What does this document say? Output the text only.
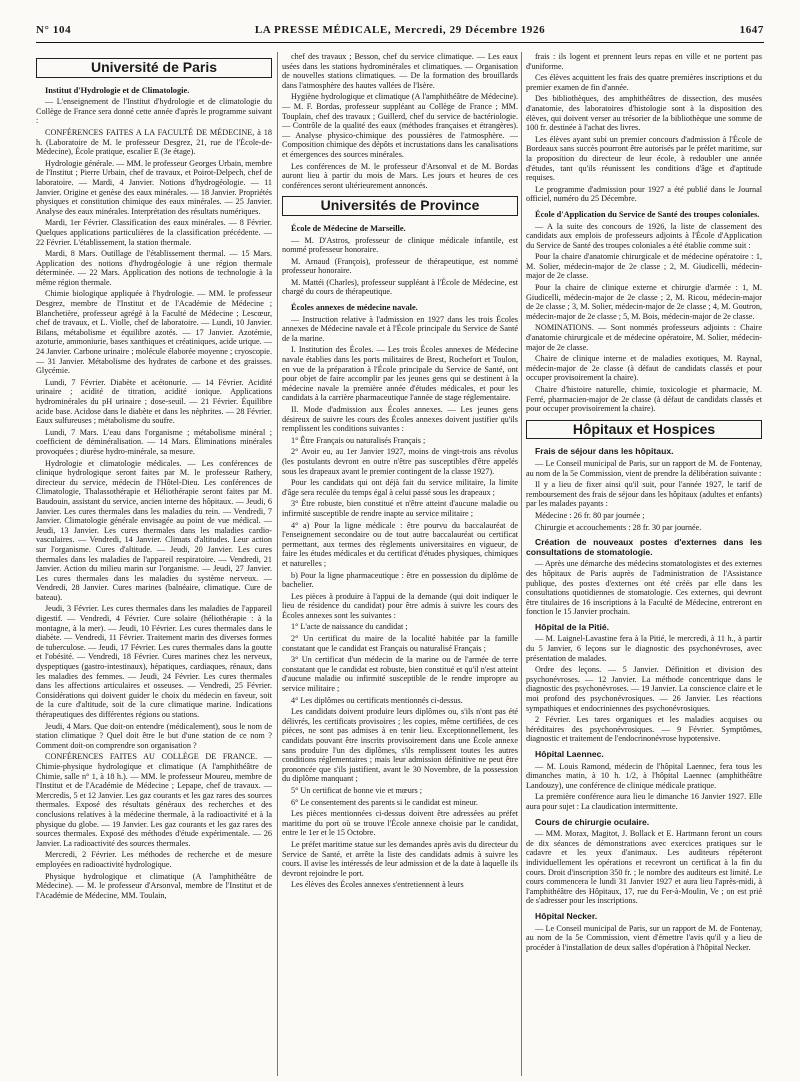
N° 104	LA PRESSE MÉDICALE, Mercredi, 29 Décembre 1926	1647
Université de Paris
Institut d'Hydrologie et de Climatologie.

— L'enseignement de l'Institut d'hydrologie et de climatologie du Collège de France sera donné cette année d'après le programme suivant :

CONFÉRENCES FAITES A LA FACULTÉ DE MÉDECINE, à 18 h. (Laboratoire de M. le professeur Desgrez, 21, rue de l'École-de-Médecine), École pratique, escalier E (3e étage).

Hydrologie générale. — MM. le professeur Georges Urbain, membre de l'Institut ; Pierre Urbain, chef de travaux, et Poirot-Delpech, chef de laboratoire. — Mardi, 4 Janvier. Notions d'hydrogéologie. — 11 Janvier. Origine et genèse des eaux minérales. — 18 Janvier. Propriétés physiques et constitution chimique des eaux minérales. — 25 Janvier. Analyse des eaux minérales. Interprétation des résultats numériques.

Mardi, 1er Février. Classification des eaux minérales. — 8 Février. Quelques applications particulières de la classification précédente. — 22 Février. L'établissement, la station thermale.

Mardi, 8 Mars. Outillage de l'établissement thermal. — 15 Mars. Application des notions d'hydrogéologie à une région thermale déterminée. — 22 Mars. Application des notions de technologie à la même région thermale.

Chimie biologique appliquée à l'hydrologie. — MM. le professeur Desgrez, membre de l'Institut et de l'Académie de Médecine ; Blanchetière, professeur agrégé à la Faculté de Médecine ; Lescœur, chef de travaux, et L. Violle, chef de laboratoire. — Lundi, 10 Janvier. Bilans, métabolisme et équilibre azotés. — 17 Janvier. Azotémie, azoturie, ammoniurie, bases xanthiques et créatiniques, acide urique. — 24 Janvier. Carbone urinaire ; molécule élaborée moyenne ; cryoscopie. — 31 Janvier. Métabolisme des hydrates de carbone et des graisses. Glycémie.

Lundi, 7 Février. Diabète et acétonurie. — 14 Février. Acidité urinaire ; acidité de titration, acidité ionique. Applications hydrominérales du pH urinaire ; dose-seuil. — 21 Février. Équilibre acide base. Acidose dans le diabète et dans les néphrites. — 28 Février. Eaux sulfureuses ; métabolisme du soufre.

Lundi, 7 Mars. L'eau dans l'organisme ; métabolisme minéral ; coefficient de déminéralisation. — 14 Mars. Éliminations minérales provoquées ; diurèse hydro-minérale, sa mesure.

Hydrologie et climatologie médicales. — Les conférences de clinique hydrologique seront faites par M. le professeur Rathery, directeur du service, médecin de l'Hôtel-Dieu. Les conférences de Climatologie, Thalassothérapie et Héliothérapie seront faites par M. Baudouin, assistant du service, ancien interne des hôpitaux. — Jeudi, 6 Janvier. Les cures thermales dans les maladies du rein. — Vendredi, 7 Janvier. Climatologie générale envisagée au point de vue médical. — Jeudi, 13 Janvier. Les cures thermales dans les maladies cardio-vasculaires. — Vendredi, 14 Janvier. Climats d'altitudes. Leur action sur l'organisme. Cures d'altitude. — Jeudi, 20 Janvier. Les cures thermales dans les maladies de l'appareil respiratoire. — Vendredi, 21 Janvier. Action du milieu marin sur l'organisme. — Jeudi, 27 Janvier. Les cures thermales dans les maladies du système nerveux. — Vendredi, 28 Janvier. Cures marines (balnéaire, climatique. Cure de bateau).

Jeudi, 3 Février. Les cures thermales dans les maladies de l'appareil digestif. — Vendredi, 4 Février. Cure solaire (héliothérapie : à la montagne, à la mer). — Jeudi, 10 Février. Les cures thermales dans le diabète. — Vendredi, 11 Février. Traitement marin des diverses formes de tuberculose. — Jeudi, 17 Février. Les cures thermales dans la goutte et l'obésité. — Vendredi, 18 Février. Cures marines chez les nerveux, dyspeptiques (gastro-intestinaux), hépatiques, cardiaques, rénaux, dans les maladies des femmes. — Jeudi, 24 Février. Les cures thermales dans les affections articulaires et osseuses. — Vendredi, 25 Février. Considérations qui doivent guider le choix du médecin en faveur, soit de la cure d'altitude, soit de la cure climatique marine. Indications thérapeutiques des différentes régions ou stations.

Jeudi, 4 Mars. Que doit-on entendre (médicalement), sous le nom de station climatique ? Quel doit être le but d'une station de ce nom ? Comment doit-on comprendre son organisation ?

CONFÉRENCES FAITES AU COLLÈGE DE FRANCE. — Chimie-physique hydrologique et climatique (A l'amphithéâtre de Chimie, salle n° 1, à 18 h.). — MM. le professeur Moureu, membre de l'Institut et de l'Académie de Médecine ; Lepape, chef de travaux. — Mercredis, 5 et 12 Janvier. Les gaz courants et les gaz rares des sources thermales. Exposé des résultats généraux des recherches et des conclusions relatives à la médecine thermale, à la radioactivité et à la physique du globe. — 19 Janvier. Les gaz courants et les gaz rares des sources thermales. Exposé des méthodes d'étude expérimentale. — 26 Janvier. La radioactivité des sources thermales.

Mercredi, 2 Février. Les méthodes de recherche et de mesure employées en radioactivité hydrologique.

Physique hydrologique et climatique (A l'amphithéâtre de Médecine). — M. le professeur d'Arsonval, membre de l'Institut et de l'Académie de Médecine, MM. Toulain,

chef des travaux ; Besson, chef du service climatique. — Les eaux usées dans les stations hydrominérales et climatiques. — Organisation de nouvelles stations climatiques. — De la formation des brouillards dans l'atmosphère des hautes vallées de l'Isère.

Hygiène hydrologique et climatique (A l'amphithéâtre de Médecine). — M. F. Bordas, professeur suppléant au Collège de France ; MM. Touplain, chef des travaux ; Guillerd, chef du service de bactériologie. — Contrôle de la qualité des eaux (méthodes françaises et étrangères). — Analyse physico-chimique des poussières de l'atmosphère. — Composition chimique des dépôts et incrustations dans les canalisations et émergences des sources minérales.

Les conférences de M. le professeur d'Arsonval et de M. Bordas auront lieu à partir du mois de Mars. Les jours et heures de ces conférences seront ultérieurement annoncés.

Universités de Province
École de Médecine de Marseille.

— M. D'Astros, professeur de clinique médicale infantile, est nommé professeur honoraire.

M. Arnaud (François), professeur de thérapeutique, est nommé professeur honoraire.

M. Mattéi (Charles), professeur suppléant à l'École de Médecine, est chargé du cours de thérapeutique.

Écoles annexes de médecine navale.

— Instruction relative à l'admission en 1927 dans les trois Écoles annexes de Médecine navale et à l'École principale du Service de Santé de la marine.

I. Institution des Écoles. — Les trois Écoles annexes de Médecine navale établies dans les ports militaires de Brest, Rochefort et Toulon, en vue de la préparation à l'École principale du Service de Santé, ont pour objet de faire accomplir par les jeunes gens qui se destinent à la médecine navale la première année d'études médicales, et pour les candidats à la carrière pharmaceutique l'année de stage réglementaire.

II. Mode d'admission aux Écoles annexes. — Les jeunes gens désireux de suivre les cours des Écoles annexes doivent justifier qu'ils remplissent les conditions suivantes :

1° Être Français ou naturalisés Français ;

2° Avoir eu, au 1er Janvier 1927, moins de vingt-trois ans révolus (les postulants devront en outre n'être pas susceptibles d'être appelés sous les drapeaux avant le premier contingent de la classe 1927).

Pour les candidats qui ont déjà fait du service militaire, la limite d'âge sera reculée du temps égal à celui passé sous les drapeaux ;

3° Être robuste, bien constitué et n'être atteint d'aucune maladie ou infirmité susceptible de rendre inapte au service militaire ;

4° a) Pour la ligne médicale : être pourvu du baccalauréat de l'enseignement secondaire ou de tout autre baccalauréat ou certificat permettant, aux termes des règlements universitaires en vigueur, de faire les études médicales et du certificat d'études physiques, chimiques et naturelles ;

b) Pour la ligne pharmaceutique : être en possession du diplôme de bachelier.

Les pièces à produire à l'appui de la demande (qui doit indiquer le lieu de résidence du candidat) pour être admis à suivre les cours des Écoles annexes sont les suivantes :

1° L'acte de naissance du candidat ;

2° Un certificat du maire de la localité habitée par la famille constatant que le candidat est Français ou naturalisé Français ;

3° Un certificat d'un médecin de la marine ou de l'armée de terre constatant que le candidat est robuste, bien constitué et qu'il n'est atteint d'aucune maladie ou infirmité susceptible de le rendre impropre au service militaire ;

4° Les diplômes ou certificats mentionnés ci-dessus.

Les candidats doivent produire leurs diplômes ou, s'ils n'ont pas été délivrés, les certificats provisoires ; les copies, même certifiées, de ces pièces, ne sont pas admises à en tenir lieu. Exceptionnellement, les candidats pouvant être inscrits provisoirement dans une École annexe sans produire l'un des diplômes, s'ils remplissent toutes les autres conditions réglementaires ; mais leur admission définitive ne peut être prononcée que s'ils justifient, avant le 30 Novembre, de la possession du diplôme manquant ;

5° Un certificat de bonne vie et mœurs ;

6° Le consentement des parents si le candidat est mineur.

Les pièces mentionnées ci-dessus doivent être adressées au préfet maritime du port où se trouve l'École annexe choisie par le candidat, entre le 1er et le 15 Octobre.

Le préfet maritime statue sur les demandes après avis du directeur du Service de Santé, et arrête la liste des candidats admis à suivre les cours. Il avise les intéressés de leur admission et de la date à laquelle ils devront rejoindre le port.

Les élèves des Écoles annexes s'entretiennent à leurs

frais : ils logent et prennent leurs repas en ville et ne portent pas d'uniforme.

Ces élèves acquittent les frais des quatre premières inscriptions et du premier examen de fin d'année.

Des bibliothèques, des amphithéâtres de dissection, des musées d'anatomie, des laboratoires d'histologie sont à la disposition des élèves, qui doivent verser au trésorier de la bibliothèque une somme de 100 fr. destinée à l'achat des livres.

Les élèves ayant subi un premier concours d'admission à l'École de Bordeaux sans succès pourront être autorisés par le préfet maritime, sur la proposition du directeur de leur école, à redoubler une année d'études, tant qu'ils réunissent les conditions d'âge et d'aptitude requises.

Le programme d'admission pour 1927 a été publié dans le Journal officiel, numéro du 25 Décembre.

École d'Application du Service de Santé des troupes coloniales.

— A la suite des concours de 1926, la liste de classement des candidats aux emplois de professeurs adjoints à l'École d'Application du Service de Santé des troupes coloniales a été établie comme suit :

Pour la chaire d'anatomie chirurgicale et de médecine opératoire : 1, M. Solier, médecin-major de 2e classe ; 2, M. Giudicelli, médecin-major de 2e classe.

Pour la chaire de clinique externe et chirurgie d'armée : 1, M. Giudicelli, médecin-major de 2e classe ; 2, M. Ricou, médecin-major de 2e classe ; 3, M. Solier, médecin-major de 2e classe ; 4, M. Goutron, médecin-major de 2e classe ; 5, M. Bois, médecin-major de 2e classe.

NOMINATIONS. — Sont nommés professeurs adjoints : Chaire d'anatomie chirurgicale et de médecine opératoire, M. Solier, médecin-major de 2e classe.

Chaire de clinique interne et de maladies exotiques, M. Raynal, médecin-major de 2e classe (à défaut de candidats classés et pour occuper provisoirement la chaire).

Chaire d'histoire naturelle, chimie, toxicologie et pharmacie, M. Ferré, pharmacien-major de 2e classe (à défaut de candidats classés et pour occuper provisoirement la chaire).

Hôpitaux et Hospices
Frais de séjour dans les hôpitaux.

— Le Conseil municipal de Paris, sur un rapport de M. de Fontenay, au nom de la 5e Commission, vient de prendre la délibération suivante :

Il y a lieu de fixer ainsi qu'il suit, pour l'année 1927, le tarif de remboursement des frais de séjour dans les hôpitaux (adultes et enfants) par les malades payants :

Médecine : 26 fr. 80 par journée ;

Chirurgie et accouchements : 28 fr. 30 par journée.

Création de nouveaux postes d'externes dans les consultations de stomatologie.

— Après une démarche des médecins stomatologistes et des externes des hôpitaux de Paris auprès de l'administration de l'Assistance publique, des postes d'externes ont été créés par elle dans les consultations quotidiennes de stomatologie. Ces externes, qui devront être titulaires de 16 inscriptions à la Faculté de Médecine, entreront en fonction le 15 Janvier prochain.

Hôpital de la Pitié.

— M. Laignel-Lavastine fera à la Pitié, le mercredi, à 11 h., à partir du 5 Janvier, 6 leçons sur le diagnostic des psychonévroses, avec présentation de malades.

Ordre des leçons. — 5 Janvier. Définition et division des psychonévroses. — 12 Janvier. La méthode concentrique dans le diagnostic des psychonévroses. — 19 Janvier. La conscience claire et le moi profond des psychonévrosiques. — 26 Janvier. Les réactions sympathiques et endocriniennes des psychonévrosiques.

2 Février. Les tares organiques et les maladies acquises ou héréditaires des psychonévrosiques. — 9 Février. Symptômes, diagnostic et traitement de l'endocrinonévrose hypotensive.

Hôpital Laennec.

— M. Louis Ramond, médecin de l'hôpital Laennec, fera tous les dimanches matin, à 10 h. 1/2, à l'hôpital Laennec (amphithéâtre Landouzy), une conférence de clinique médicale pratique.

La première conférence aura lieu le dimanche 16 Janvier 1927. Elle aura pour sujet : La claudication intermittente.

Cours de chirurgie oculaire.

— MM. Morax, Magitot, J. Bollack et E. Hartmann feront un cours de dix séances de démonstrations avec exercices pratiques sur le cadavre et les yeux d'animaux. Les auditeurs répéteront individuellement les opérations et recevront un certificat à la fin du cours. Droit d'inscription 350 fr. ; le nombre des auditeurs est limité. Le cours commencera le lundi 31 Janvier 1927 et aura lieu l'après-midi, à l'amphithéâtre des Hôpitaux, 17, rue du Fer-à-Moulin, Ve ; on est prié de s'adresser pour les inscriptions.

Hôpital Necker.

— Le Conseil municipal de Paris, sur un rapport de M. de Fontenay, au nom de la 5e Commission, vient d'émettre l'avis qu'il y a lieu de procéder à l'installation de deux salles d'opération à l'hôpital Necker.
